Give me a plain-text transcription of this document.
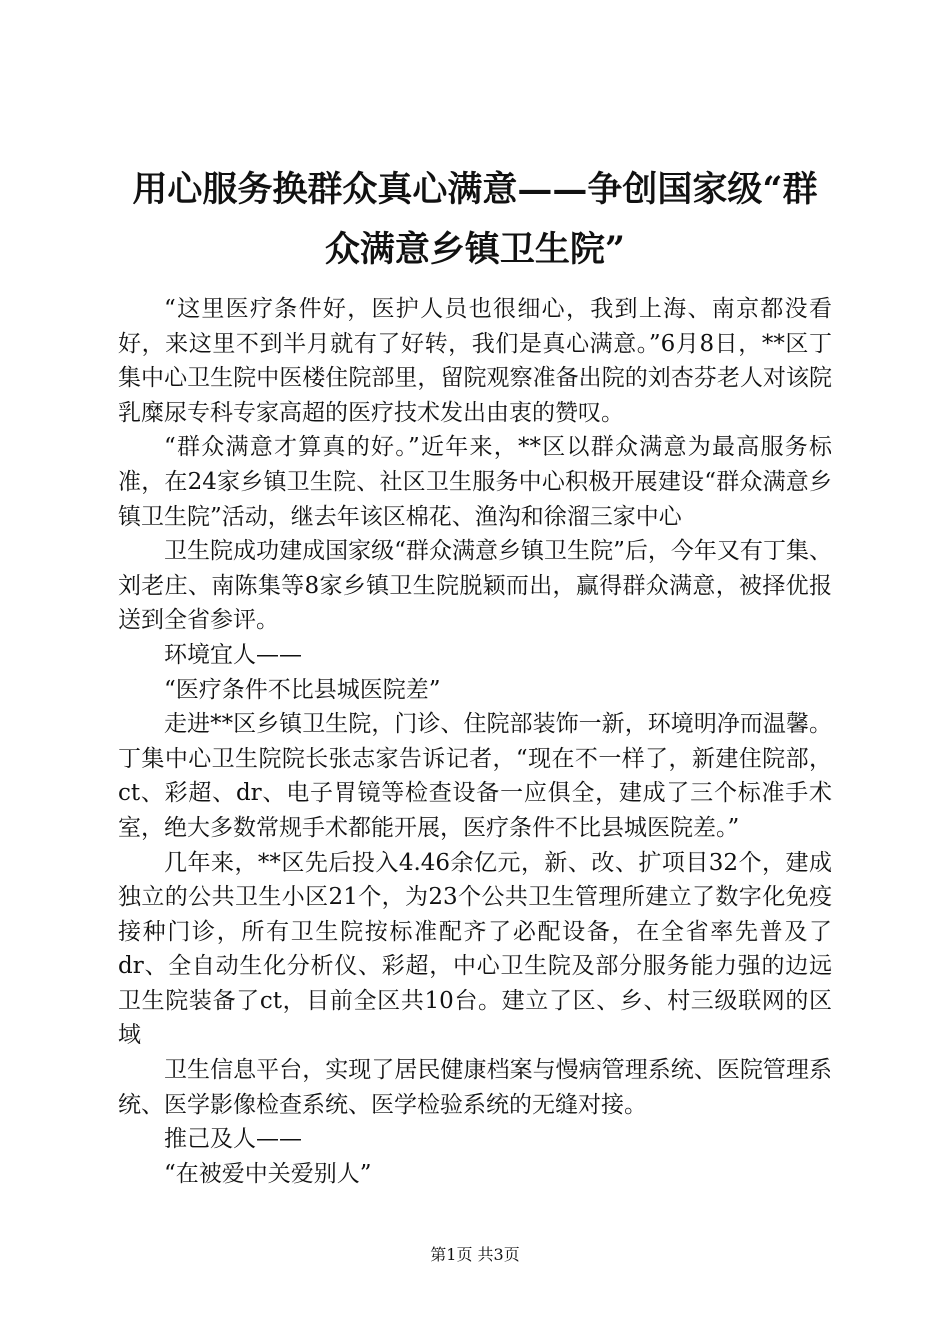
用心服务换群众真心满意——争创国家级“群众满意乡镇卫生院”

“这里医疗条件好，医护人员也很细心，我到上海、南京都没看好，来这里不到半月就有了好转，我们是真心满意。”6月8日，**区丁集中心卫生院中医楼住院部里，留院观察准备出院的刘杏芬老人对该院乳糜尿专科专家高超的医疗技术发出由衷的赞叹。

“群众满意才算真的好。”近年来，**区以群众满意为最高服务标准，在24家乡镇卫生院、社区卫生服务中心积极开展建设“群众满意乡镇卫生院”活动，继去年该区棉花、渔沟和徐溜三家中心

卫生院成功建成国家级“群众满意乡镇卫生院”后，今年又有丁集、刘老庄、南陈集等8家乡镇卫生院脱颖而出，赢得群众满意，被择优报送到全省参评。

环境宜人——

“医疗条件不比县城医院差”

走进**区乡镇卫生院，门诊、住院部装饰一新，环境明净而温馨。丁集中心卫生院院长张志家告诉记者，“现在不一样了，新建住院部，ct、彩超、dr、电子胃镜等检查设备一应俱全，建成了三个标准手术室，绝大多数常规手术都能开展，医疗条件不比县城医院差。”

几年来，**区先后投入4.46余亿元，新、改、扩项目32个，建成独立的公共卫生小区21个，为23个公共卫生管理所建立了数字化免疫接种门诊，所有卫生院按标准配齐了必配设备，在全省率先普及了dr、全自动生化分析仪、彩超，中心卫生院及部分服务能力强的边远卫生院装备了ct，目前全区共10台。建立了区、乡、村三级联网的区域

卫生信息平台，实现了居民健康档案与慢病管理系统、医院管理系统、医学影像检查系统、医学检验系统的无缝对接。

推己及人——

“在被爱中关爱别人”

第1页 共3页
